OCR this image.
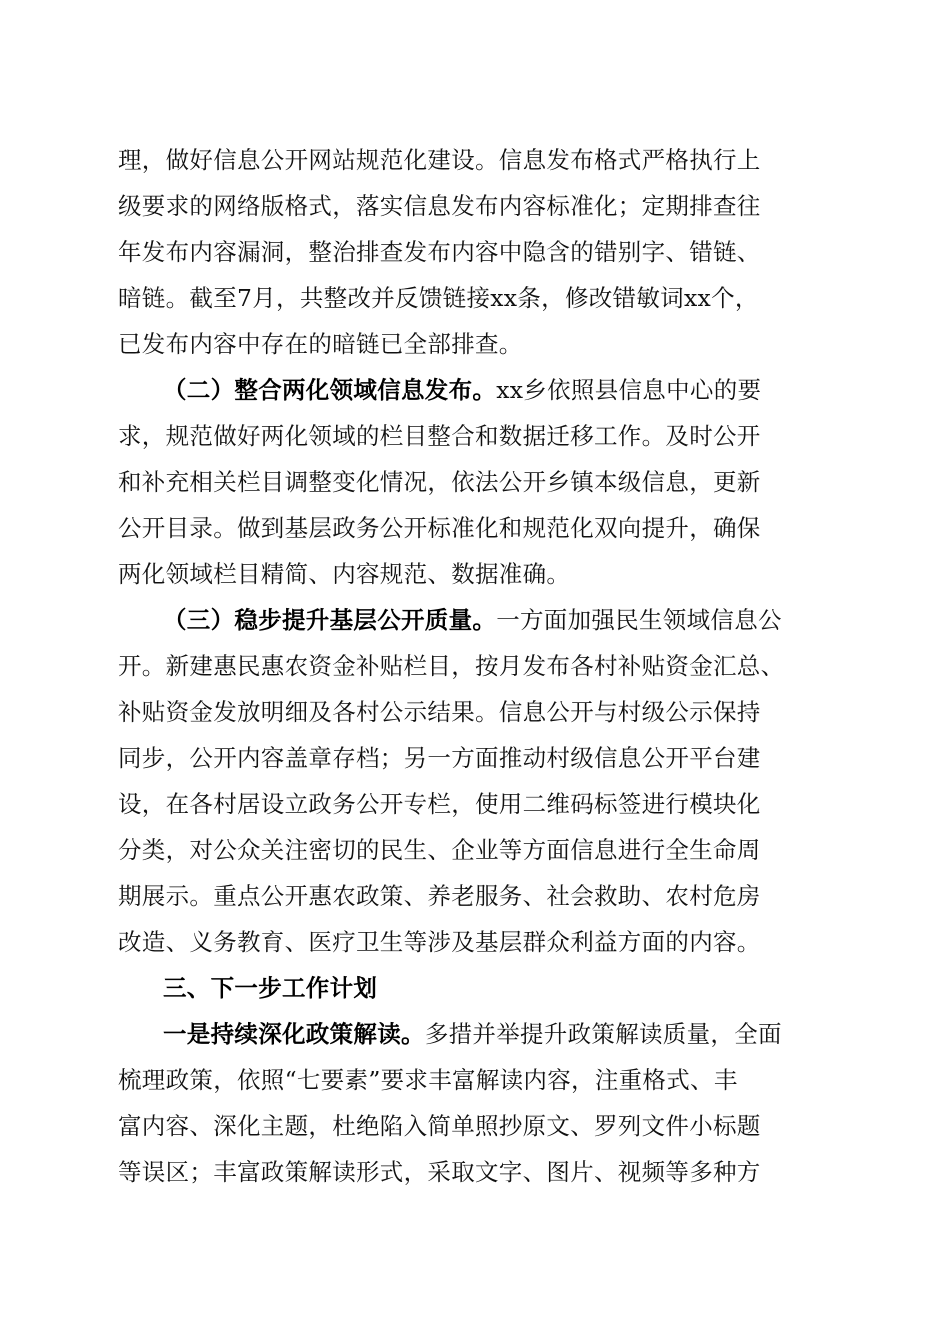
理，做好信息公开网站规范化建设。信息发布格式严格执行上
级要求的网络版格式，落实信息发布内容标准化；定期排查往
年发布内容漏洞，整治排查发布内容中隐含的错别字、错链、
暗链。截至7月，共整改并反馈链接xx条，修改错敏词xx个，
已发布内容中存在的暗链已全部排查。
（二）整合两化领域信息发布。xx乡依照县信息中心的要
求，规范做好两化领域的栏目整合和数据迁移工作。及时公开
和补充相关栏目调整变化情况，依法公开乡镇本级信息，更新
公开目录。做到基层政务公开标准化和规范化双向提升，确保
两化领域栏目精简、内容规范、数据准确。
（三）稳步提升基层公开质量。一方面加强民生领域信息公
开。新建惠民惠农资金补贴栏目，按月发布各村补贴资金汇总、
补贴资金发放明细及各村公示结果。信息公开与村级公示保持
同步，公开内容盖章存档；另一方面推动村级信息公开平台建
设，在各村居设立政务公开专栏，使用二维码标签进行模块化
分类，对公众关注密切的民生、企业等方面信息进行全生命周
期展示。重点公开惠农政策、养老服务、社会救助、农村危房
改造、义务教育、医疗卫生等涉及基层群众利益方面的内容。
三、下一步工作计划
一是持续深化政策解读。多措并举提升政策解读质量，全面
梳理政策，依照“七要素”要求丰富解读内容，注重格式、丰
富内容、深化主题，杜绝陷入简单照抄原文、罗列文件小标题
等误区；丰富政策解读形式，采取文字、图片、视频等多种方
